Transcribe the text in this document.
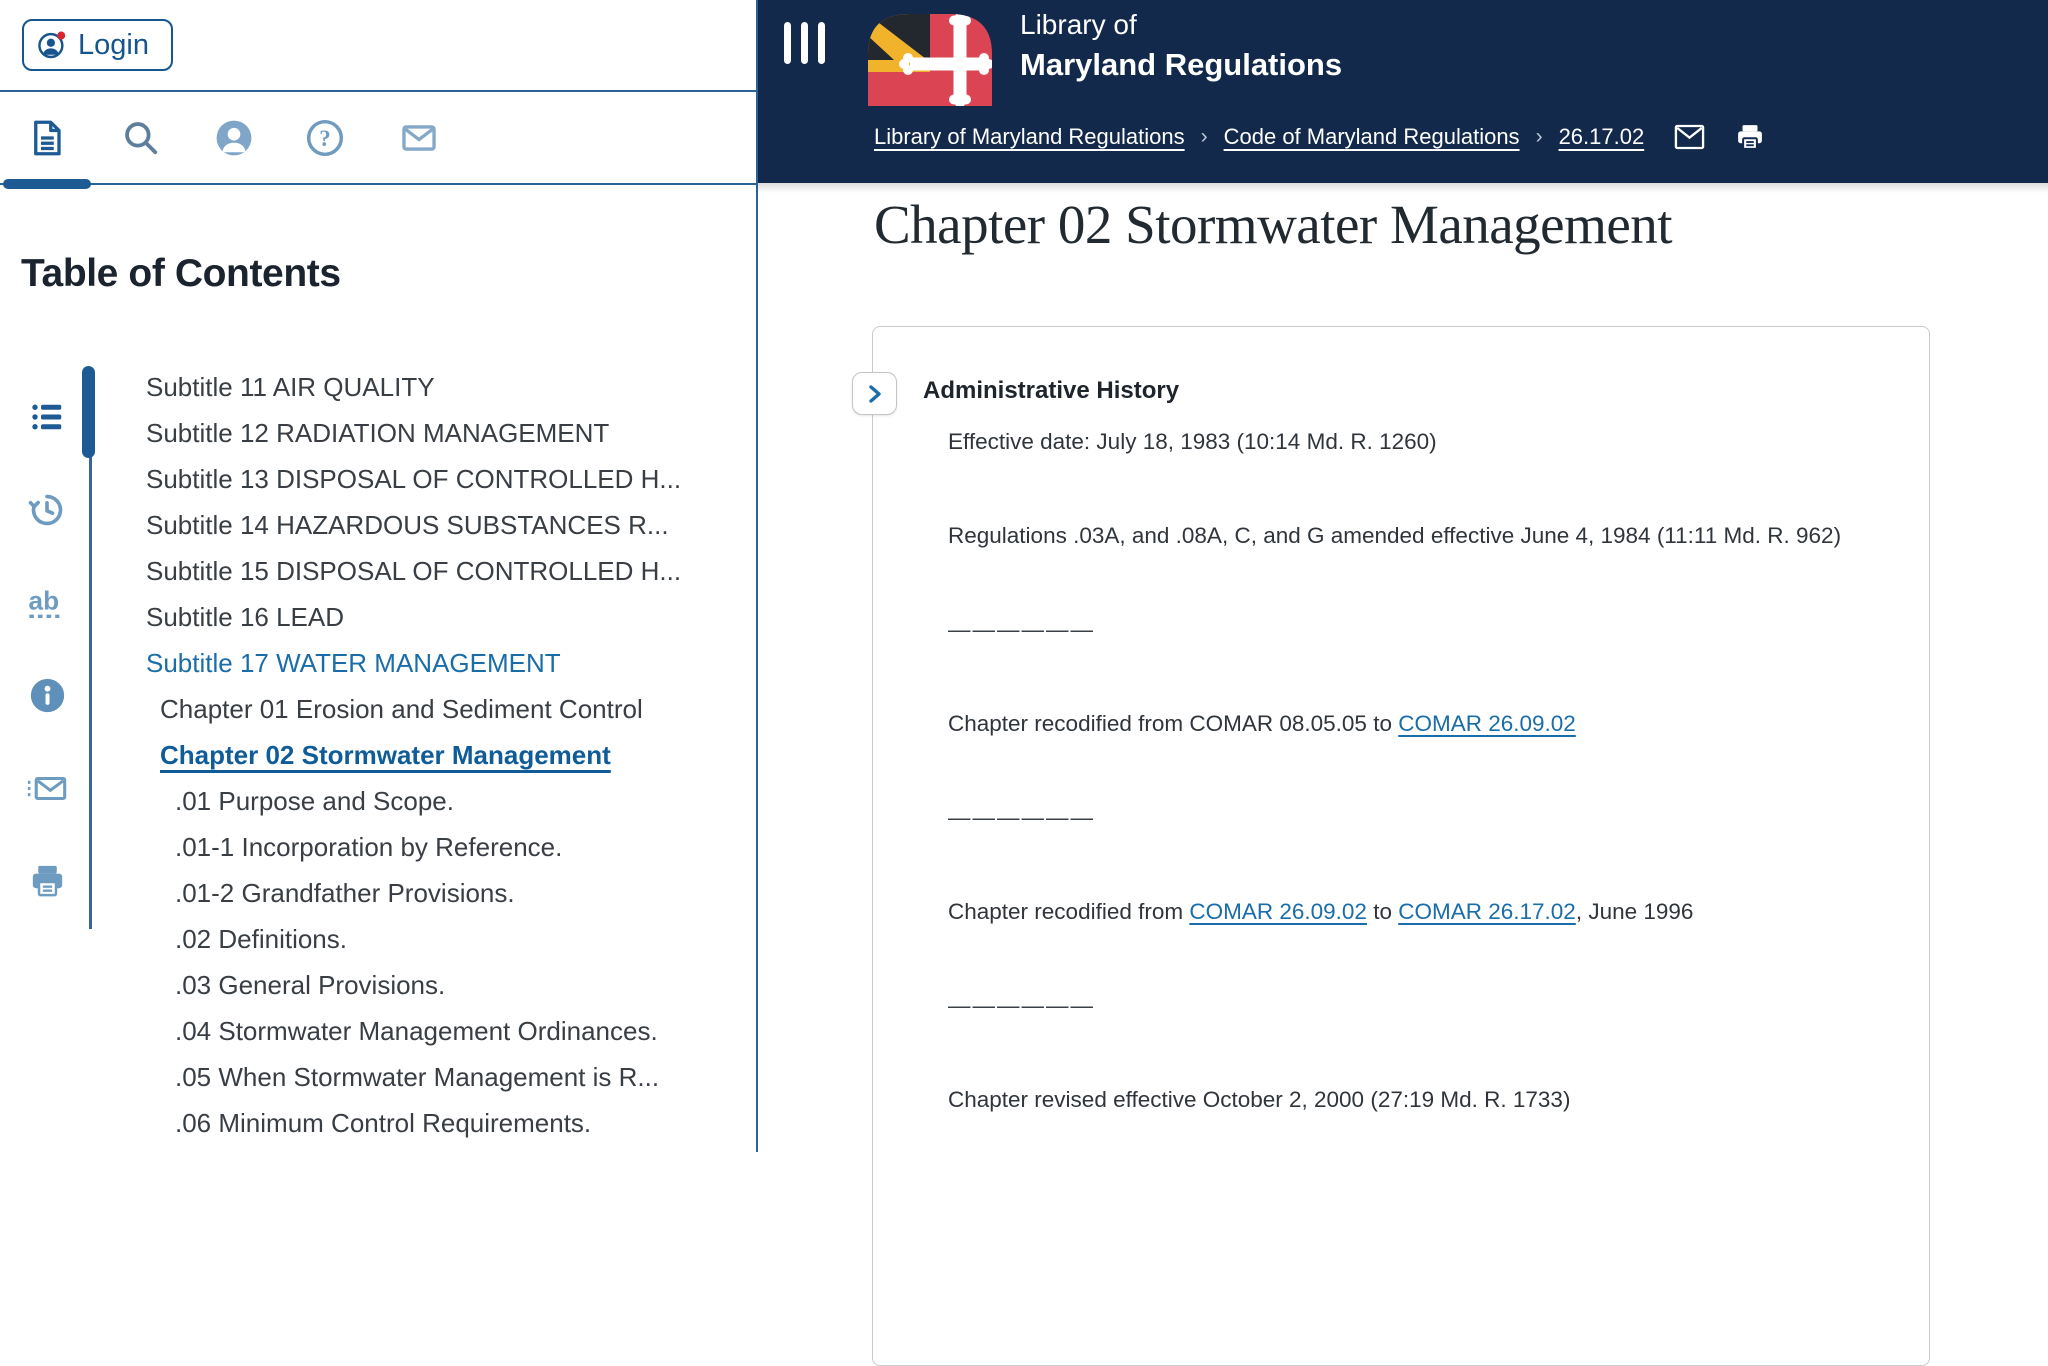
Login
?
Table of Contents
ab
Subtitle 11 AIR QUALITY
Subtitle 12 RADIATION MANAGEMENT
Subtitle 13 DISPOSAL OF CONTROLLED H...
Subtitle 14 HAZARDOUS SUBSTANCES R...
Subtitle 15 DISPOSAL OF CONTROLLED H...
Subtitle 16 LEAD
Subtitle 17 WATER MANAGEMENT
Chapter 01 Erosion and Sediment Control
Chapter 02 Stormwater Management
.01 Purpose and Scope.
.01-1 Incorporation by Reference.
.01-2 Grandfather Provisions.
.02 Definitions.
.03 General Provisions.
.04 Stormwater Management Ordinances.
.05 When Stormwater Management is R...
.06 Minimum Control Requirements.
Library of
Maryland Regulations
Library of Maryland Regulations › Code of Maryland Regulations › 26.17.02
Chapter 02 Stormwater Management
Administrative History

Effective date: July 18, 1983 (10:14 Md. R. 1260)

Regulations .03A, and .08A, C, and G amended effective June 4, 1984 (11:11 Md. R. 962)

——————

Chapter recodified from COMAR 08.05.05 to COMAR 26.09.02

——————

Chapter recodified from COMAR 26.09.02 to COMAR 26.17.02, June 1996

——————

Chapter revised effective October 2, 2000 (27:19 Md. R. 1733)
